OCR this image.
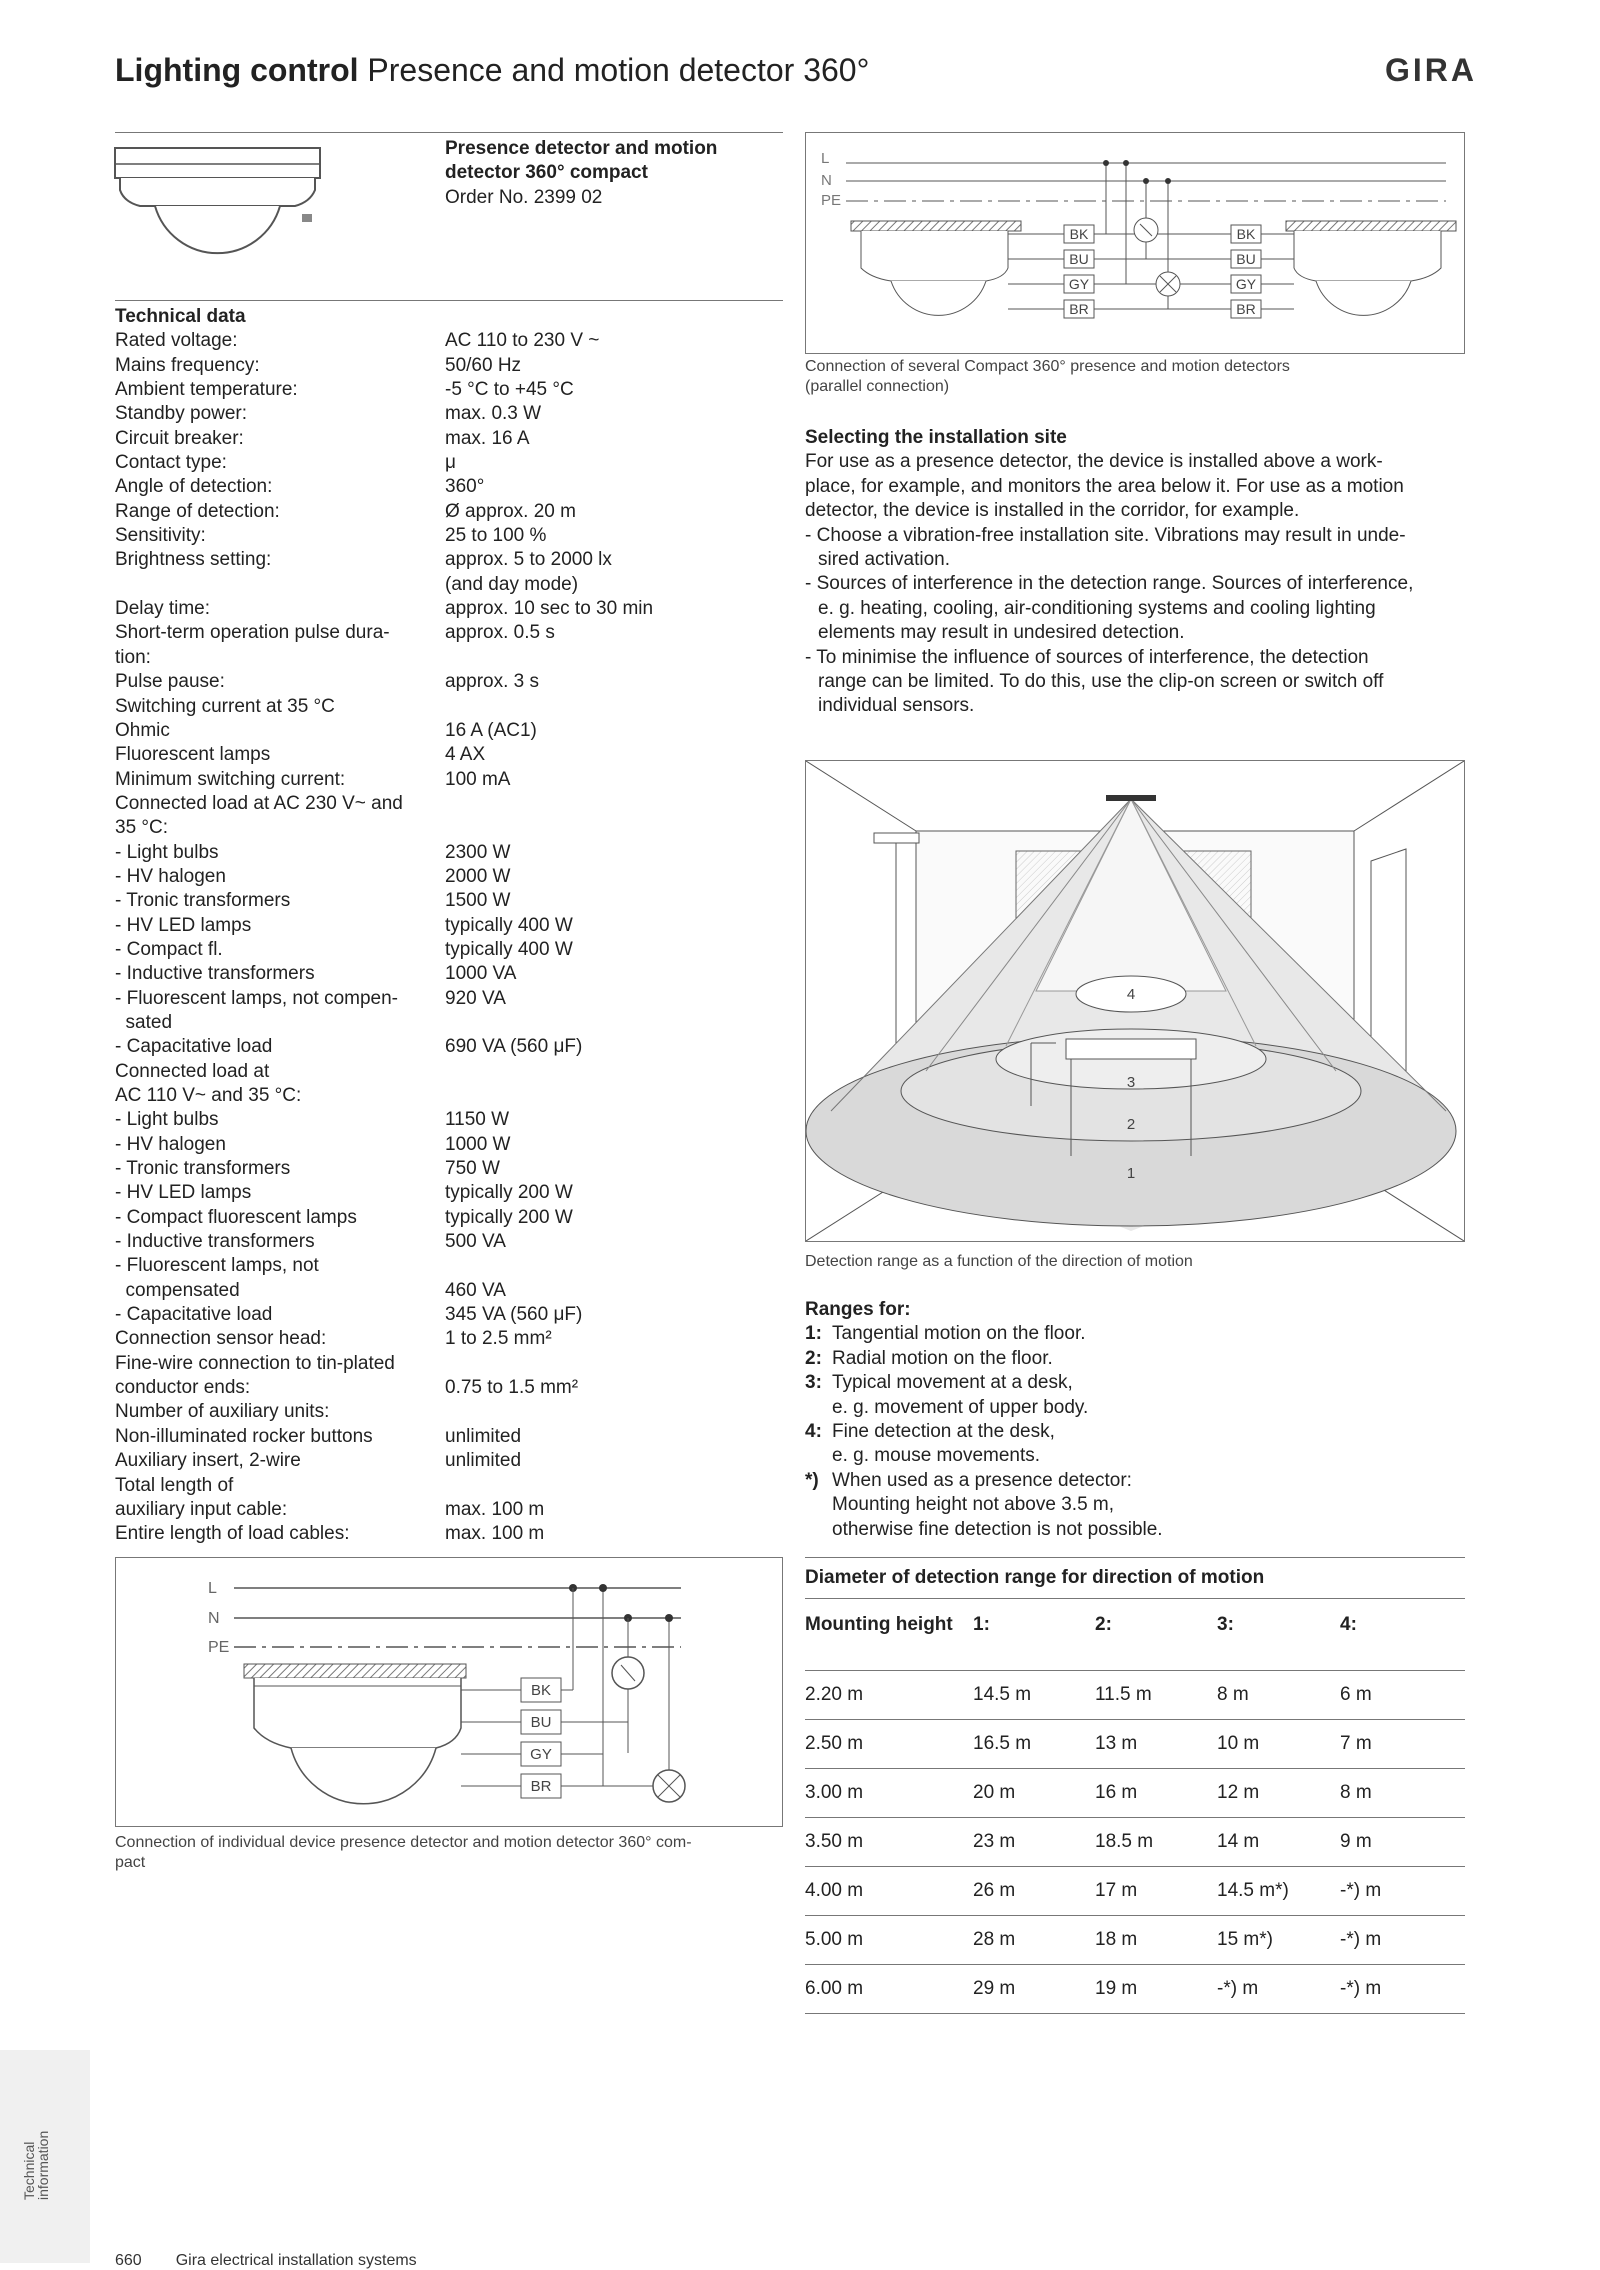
Lighting control Presence and motion detector 360°	GIRA
Presence detector and motion
detector 360° compact
Order No. 2399 02
Technical data
Rated voltage:	AC 110 to 230 V ~
Mains frequency:	50/60 Hz
Ambient temperature:	-5 °C to +45 °C
Standby power:	max. 0.3 W
Circuit breaker:	max. 16 A
Contact type:	μ
Angle of detection:	360°
Range of detection:	Ø approx. 20 m
Sensitivity:	25 to 100 %
Brightness setting:	approx. 5 to 2000 lx
(and day mode)
Delay time:	approx. 10 sec to 30 min
Short-term operation pulse dura-	approx. 0.5 s
tion:
Pulse pause:	approx. 3 s
Switching current at 35 °C
Ohmic	16 A (AC1)
Fluorescent lamps	4 AX
Minimum switching current:	100 mA
Connected load at AC 230 V~ and
35 °C:
- Light bulbs	2300 W
- HV halogen	2000 W
- Tronic transformers	1500 W
- HV LED lamps	typically 400 W
- Compact fl.	typically 400 W
- Inductive transformers	1000 VA
- Fluorescent lamps, not compen-	920 VA
sated
- Capacitative load	690 VA (560 μF)
Connected load at
AC 110 V~ and 35 °C:
- Light bulbs	1150 W
- HV halogen	1000 W
- Tronic transformers	750 W
- HV LED lamps	typically 200 W
- Compact fluorescent lamps	typically 200 W
- Inductive transformers	500 VA
- Fluorescent lamps, not
compensated	460 VA
- Capacitative load	345 VA (560 μF)
Connection sensor head:	1 to 2.5 mm²
Fine-wire connection to tin-plated
conductor ends:	0.75 to 1.5 mm²
Number of auxiliary units:
Non-illuminated rocker buttons	unlimited
Auxiliary insert, 2-wire	unlimited
Total length of
auxiliary input cable:	max. 100 m
Entire length of load cables:	max. 100 m
L
N
PE
BK
BU
GY
BR
Connection of individual device presence detector and motion detector 360° com-
pact
L
N
PE
BK
BU
GY
BR
BK
BU
GY
BR
Connection of several Compact 360° presence and motion detectors
(parallel connection)
Selecting the installation site
For use as a presence detector, the device is installed above a work-
place, for example, and monitors the area below it. For use as a motion
detector, the device is installed in the corridor, for example.
- Choose a vibration-free installation site. Vibrations may result in unde-
sired activation.
- Sources of interference in the detection range. Sources of interference,
e. g. heating, cooling, air-conditioning systems and cooling lighting
elements may result in undesired detection.
- To minimise the influence of sources of interference, the detection
range can be limited. To do this, use the clip-on screen or switch off
individual sensors.
4
3
2
1
Detection range as a function of the direction of motion
Ranges for:
1: Tangential motion on the floor.
2: Radial motion on the floor.
3: Typical movement at a desk,
e. g. movement of upper body.
4: Fine detection at the desk,
e. g. mouse movements.
*) When used as a presence detector:
Mounting height not above 3.5 m,
otherwise fine detection is not possible.
Diameter of detection range for direction of motion
Mounting height	1:	2:	3:	4:
2.20 m	14.5 m	11.5 m	8 m	6 m
2.50 m	16.5 m	13 m	10 m	7 m
3.00 m	20 m	16 m	12 m	8 m
3.50 m	23 m	18.5 m	14 m	9 m
4.00 m	26 m	17 m	14.5 m*)	-*) m
5.00 m	28 m	18 m	15 m*)	-*) m
6.00 m	29 m	19 m	-*) m	-*) m
Technical
information
660 Gira electrical installation systems
